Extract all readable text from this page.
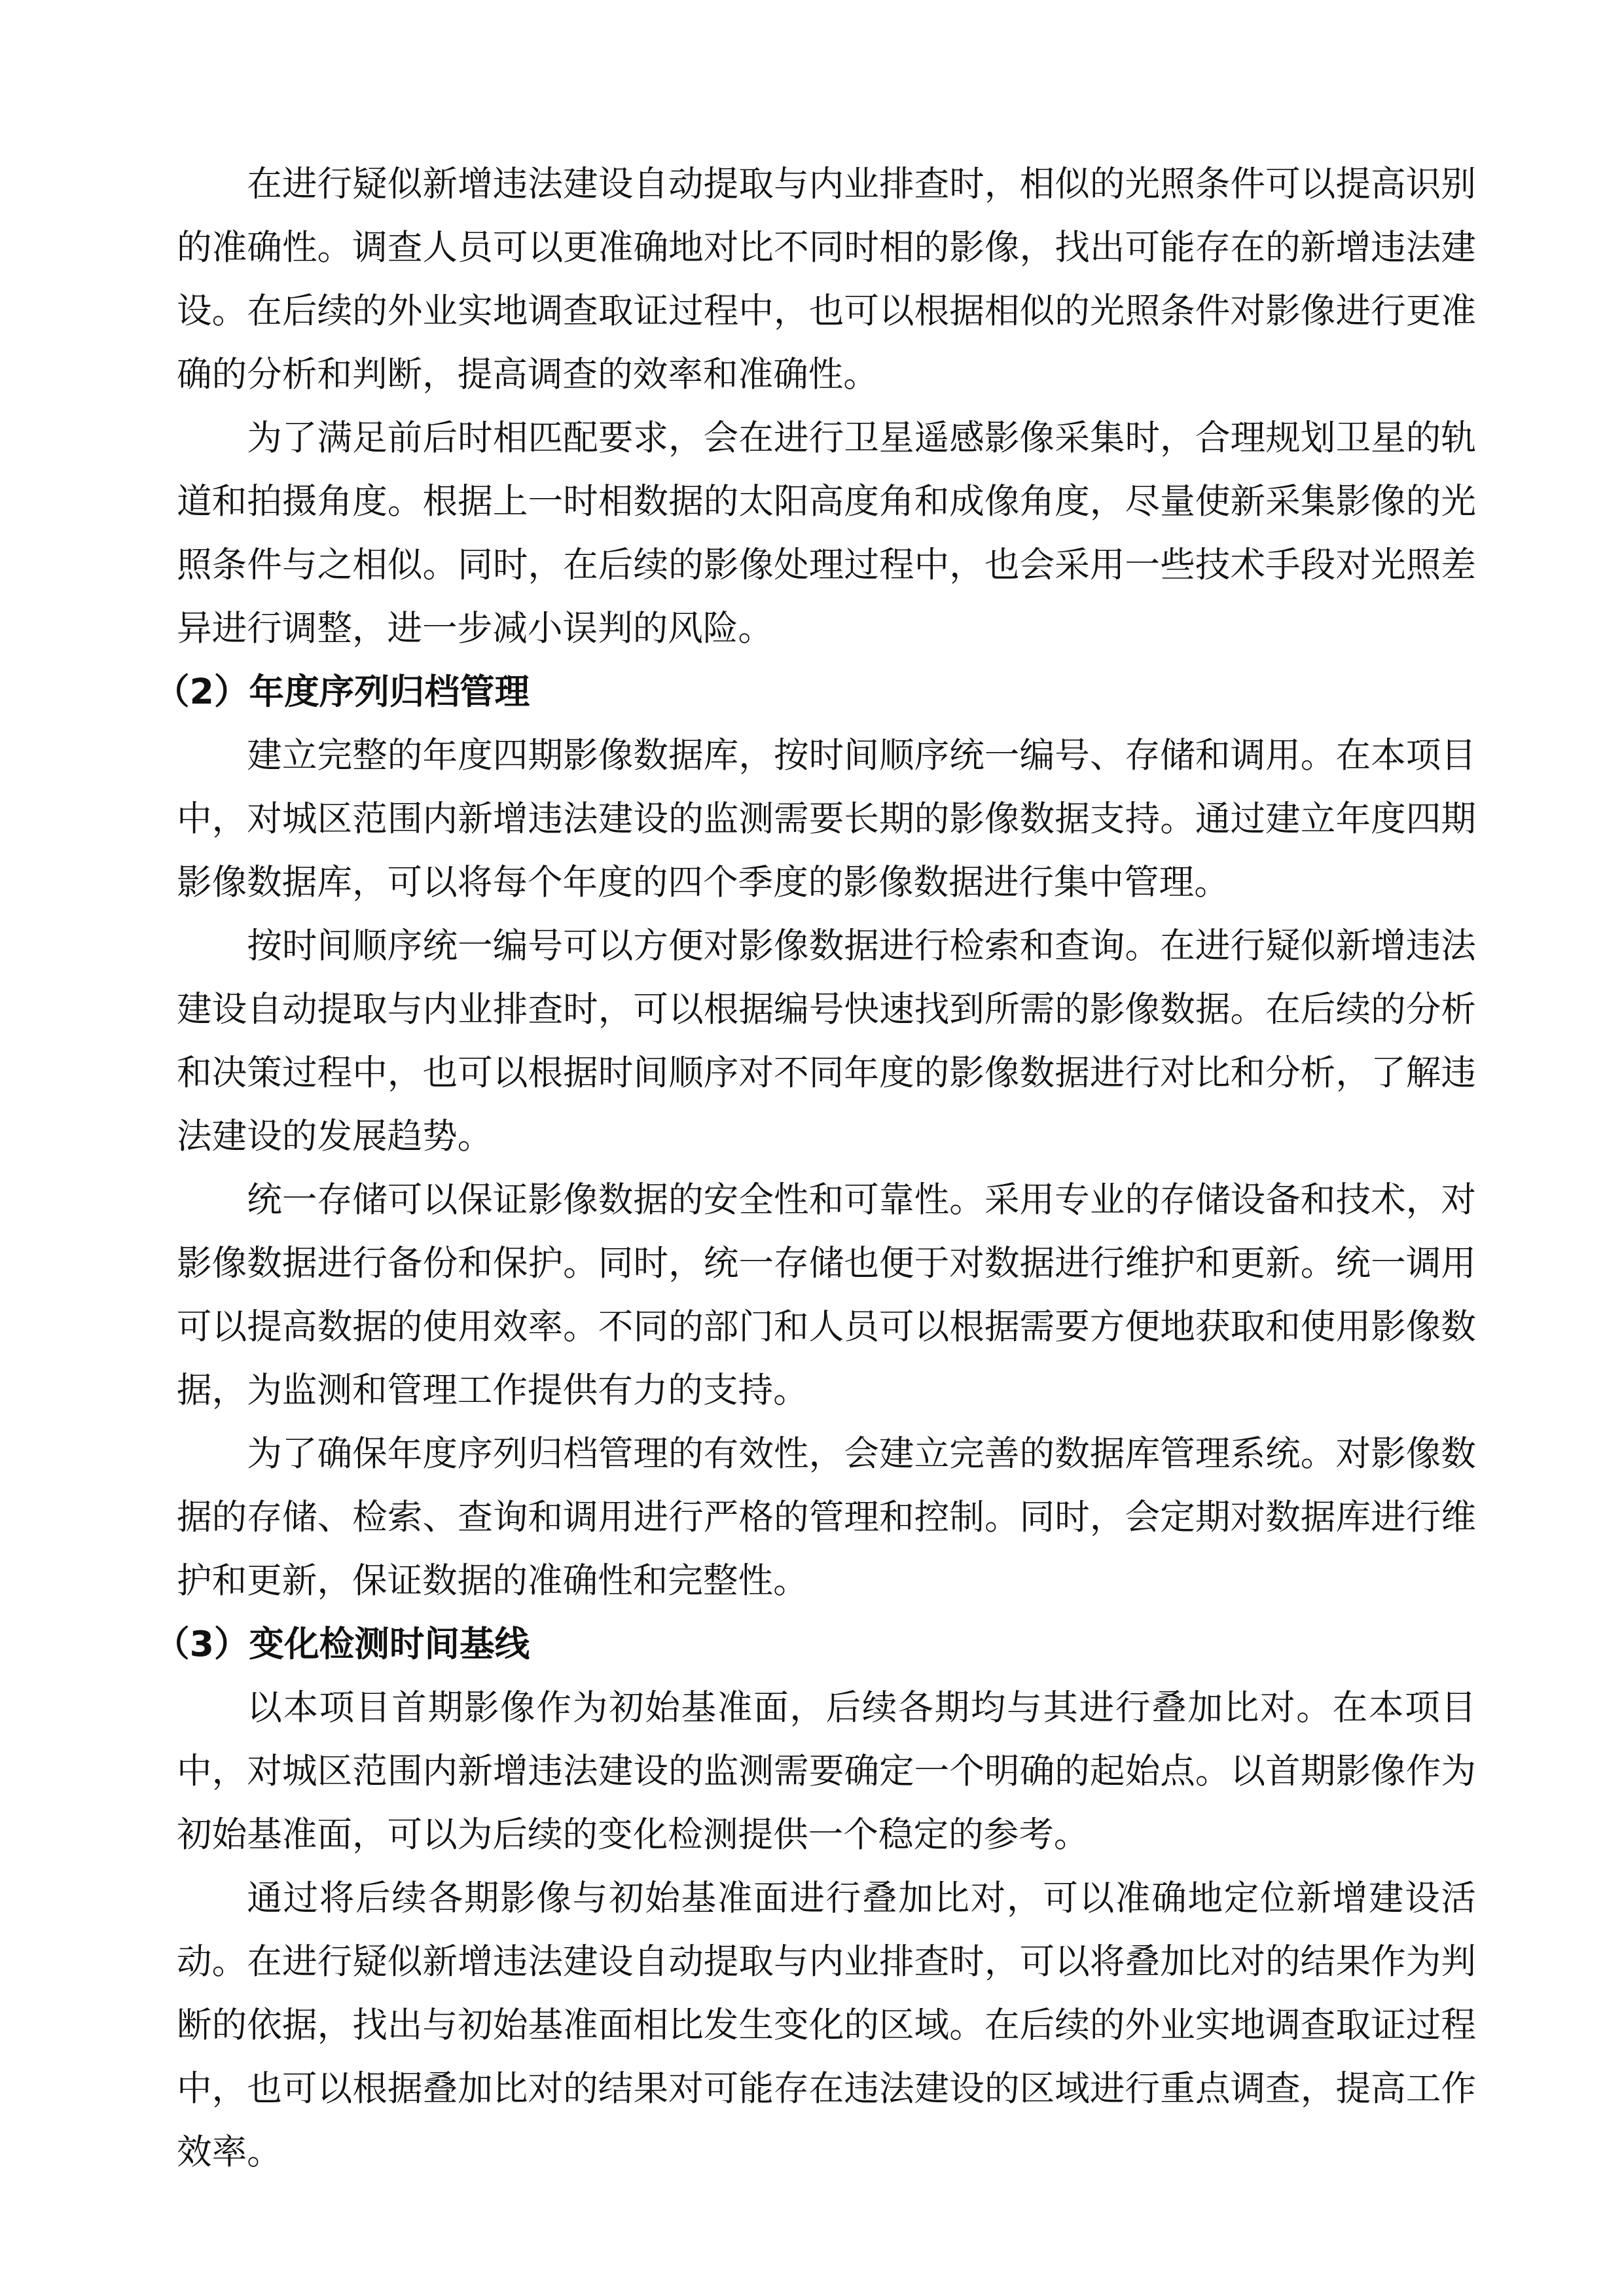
在进行疑似新增违法建设自动提取与内业排查时，相似的光照条件可以提高识别的准确性。调查人员可以更准确地对比不同时相的影像，找出可能存在的新增违法建设。在后续的外业实地调查取证过程中，也可以根据相似的光照条件对影像进行更准确的分析和判断，提高调查的效率和准确性。

为了满足前后时相匹配要求，会在进行卫星遥感影像采集时，合理规划卫星的轨道和拍摄角度。根据上一时相数据的太阳高度角和成像角度，尽量使新采集影像的光照条件与之相似。同时，在后续的影像处理过程中，也会采用一些技术手段对光照差异进行调整，进一步减小误判的风险。

（2）年度序列归档管理

建立完整的年度四期影像数据库，按时间顺序统一编号、存储和调用。在本项目中，对城区范围内新增违法建设的监测需要长期的影像数据支持。通过建立年度四期影像数据库，可以将每个年度的四个季度的影像数据进行集中管理。

按时间顺序统一编号可以方便对影像数据进行检索和查询。在进行疑似新增违法建设自动提取与内业排查时，可以根据编号快速找到所需的影像数据。在后续的分析和决策过程中，也可以根据时间顺序对不同年度的影像数据进行对比和分析，了解违法建设的发展趋势。

统一存储可以保证影像数据的安全性和可靠性。采用专业的存储设备和技术，对影像数据进行备份和保护。同时，统一存储也便于对数据进行维护和更新。统一调用可以提高数据的使用效率。不同的部门和人员可以根据需要方便地获取和使用影像数据，为监测和管理工作提供有力的支持。

为了确保年度序列归档管理的有效性，会建立完善的数据库管理系统。对影像数据的存储、检索、查询和调用进行严格的管理和控制。同时，会定期对数据库进行维护和更新，保证数据的准确性和完整性。

（3）变化检测时间基线

以本项目首期影像作为初始基准面，后续各期均与其进行叠加比对。在本项目中，对城区范围内新增违法建设的监测需要确定一个明确的起始点。以首期影像作为初始基准面，可以为后续的变化检测提供一个稳定的参考。

通过将后续各期影像与初始基准面进行叠加比对，可以准确地定位新增建设活动。在进行疑似新增违法建设自动提取与内业排查时，可以将叠加比对的结果作为判断的依据，找出与初始基准面相比发生变化的区域。在后续的外业实地调查取证过程中，也可以根据叠加比对的结果对可能存在违法建设的区域进行重点调查，提高工作效率。
